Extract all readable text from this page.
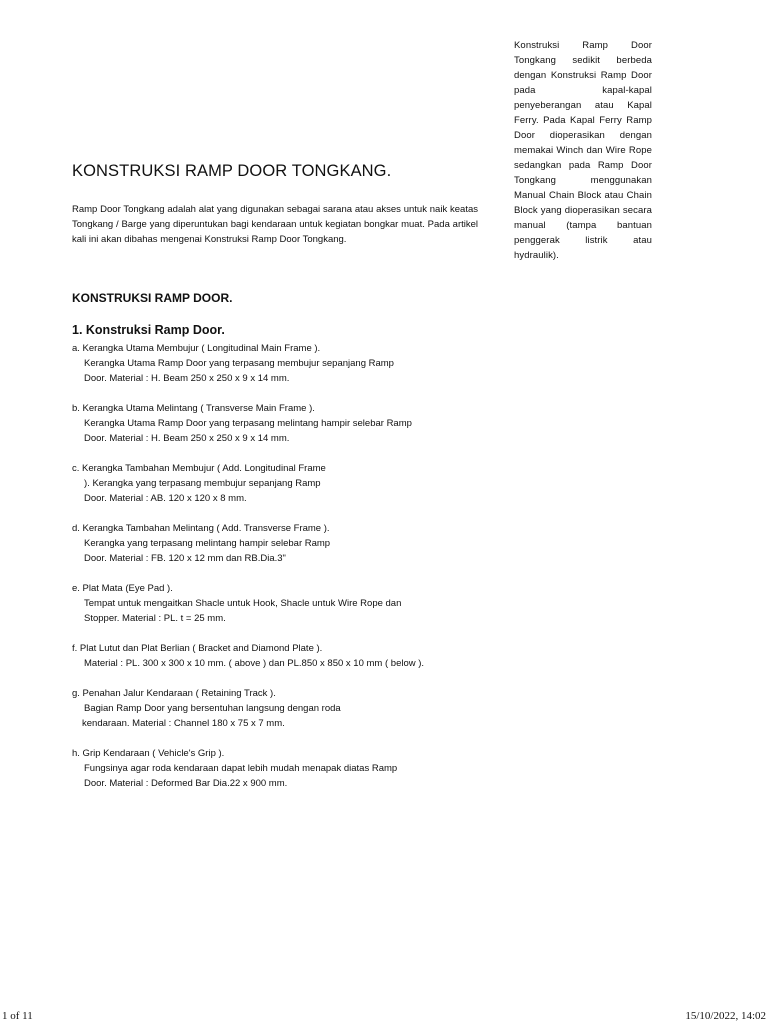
Konstruksi Ramp Door Tongkang sedikit berbeda dengan Konstruksi Ramp Door pada kapal-kapal penyeberangan atau Kapal Ferry. Pada Kapal Ferry Ramp Door dioperasikan dengan memakai Winch dan Wire Rope sedangkan pada Ramp Door Tongkang menggunakan Manual Chain Block atau Chain Block yang dioperasikan secara manual (tampa bantuan penggerak listrik atau hydraulik).
KONSTRUKSI RAMP DOOR TONGKANG.

Ramp Door Tongkang adalah alat yang digunakan sebagai sarana atau akses untuk naik keatas Tongkang / Barge yang diperuntukan bagi kendaraan untuk kegiatan bongkar muat. Pada artikel kali ini akan dibahas mengenai Konstruksi Ramp Door Tongkang.

KONSTRUKSI RAMP DOOR.
1. Konstruksi Ramp Door.
a. Kerangka Utama Membujur ( Longitudinal Main Frame ).
Kerangka Utama Ramp Door yang terpasang membujur sepanjang Ramp
Door. Material : H. Beam 250 x 250 x 9 x 14 mm.
b. Kerangka Utama Melintang ( Transverse Main Frame ).
Kerangka Utama Ramp Door yang terpasang melintang hampir selebar Ramp
Door. Material : H. Beam 250 x 250 x 9 x 14 mm.
c. Kerangka Tambahan Membujur ( Add. Longitudinal Frame
). Kerangka yang terpasang membujur sepanjang Ramp
Door. Material : AB. 120 x 120 x 8 mm.
d. Kerangka Tambahan Melintang ( Add. Transverse Frame ).
Kerangka yang terpasang melintang hampir selebar Ramp
Door. Material : FB. 120 x 12 mm dan RB.Dia.3"
e. Plat Mata (Eye Pad ).
Tempat untuk mengaitkan Shacle untuk Hook, Shacle untuk Wire Rope dan
Stopper. Material : PL. t = 25 mm.
f. Plat Lutut dan Plat Berlian ( Bracket and Diamond Plate ).
Material : PL. 300 x 300 x 10 mm. ( above ) dan PL.850 x 850 x 10 mm ( below ).
g. Penahan Jalur Kendaraan ( Retaining Track ).
Bagian Ramp Door yang bersentuhan langsung dengan roda
kendaraan. Material : Channel 180 x 75 x 7 mm.
h. Grip Kendaraan ( Vehicle's Grip ).
Fungsinya agar roda kendaraan dapat lebih mudah menapak diatas Ramp
Door. Material : Deformed Bar Dia.22 x 900 mm.
1 of 11	15/10/2022, 14:02
